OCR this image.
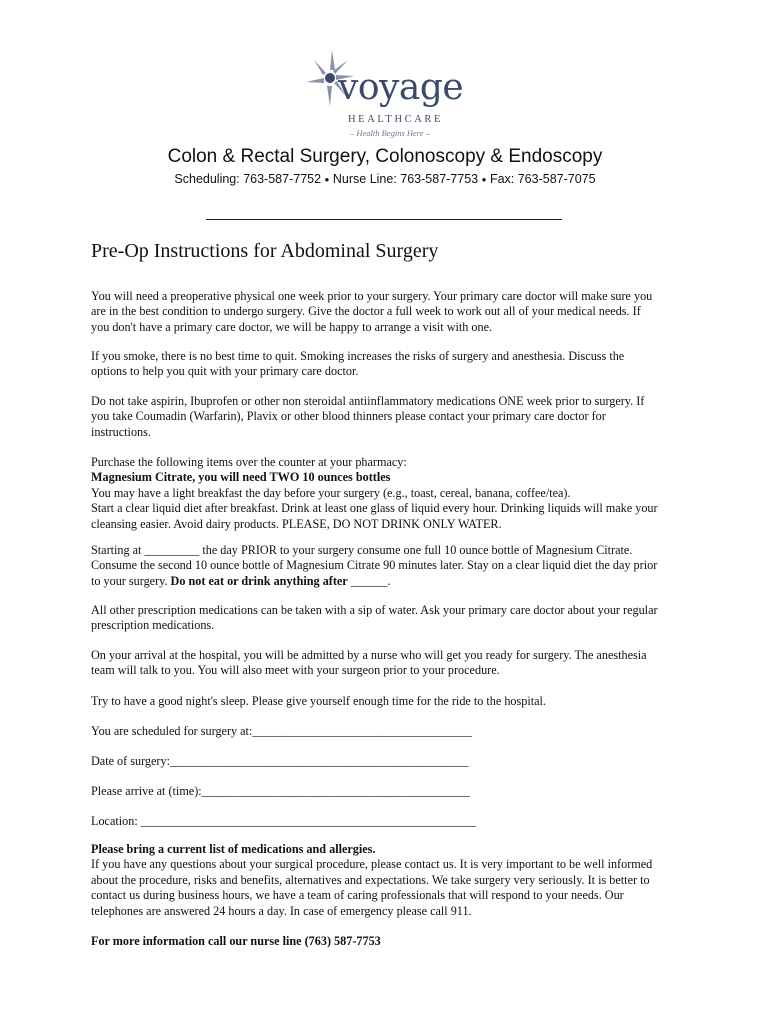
voyage
HEALTHCARE
– Health Begins Here –
Colon & Rectal Surgery, Colonoscopy & Endoscopy
Scheduling: 763-587-7752 ● Nurse Line: 763-587-7753 ● Fax: 763-587-7075
Pre-Op Instructions for Abdominal Surgery
You will need a preoperative physical one week prior to your surgery. Your primary care doctor will make sure you
are in the best condition to undergo surgery. Give the doctor a full week to work out all of your medical needs. If
you don't have a primary care doctor, we will be happy to arrange a visit with one.
If you smoke, there is no best time to quit. Smoking increases the risks of surgery and anesthesia. Discuss the
options to help you quit with your primary care doctor.
Do not take aspirin, Ibuprofen or other non steroidal antiinflammatory medications ONE week prior to surgery. If
you take Coumadin (Warfarin), Plavix or other blood thinners please contact your primary care doctor for
instructions.
Purchase the following items over the counter at your pharmacy:
Magnesium Citrate, you will need TWO 10 ounces bottles
You may have a light breakfast the day before your surgery (e.g., toast, cereal, banana, coffee/tea).
Start a clear liquid diet after breakfast. Drink at least one glass of liquid every hour. Drinking liquids will make your
cleansing easier. Avoid dairy products. PLEASE, DO NOT DRINK ONLY WATER.
Starting at _________ the day PRIOR to your surgery consume one full 10 ounce bottle of Magnesium Citrate.
Consume the second 10 ounce bottle of Magnesium Citrate 90 minutes later. Stay on a clear liquid diet the day prior
to your surgery. Do not eat or drink anything after ______.
All other prescription medications can be taken with a sip of water. Ask your primary care doctor about your regular
prescription medications.
On your arrival at the hospital, you will be admitted by a nurse who will get you ready for surgery. The anesthesia
team will talk to you. You will also meet with your surgeon prior to your procedure.
Try to have a good night's sleep. Please give yourself enough time for the ride to the hospital.
You are scheduled for surgery at:____________________________________
Date of surgery:_________________________________________________
Please arrive at (time):____________________________________________
Location: _______________________________________________________
Please bring a current list of medications and allergies.
If you have any questions about your surgical procedure, please contact us. It is very important to be well informed
about the procedure, risks and benefits, alternatives and expectations. We take surgery very seriously. It is better to
contact us during business hours, we have a team of caring professionals that will respond to your needs. Our
telephones are answered 24 hours a day. In case of emergency please call 911.
For more information call our nurse line (763) 587-7753
